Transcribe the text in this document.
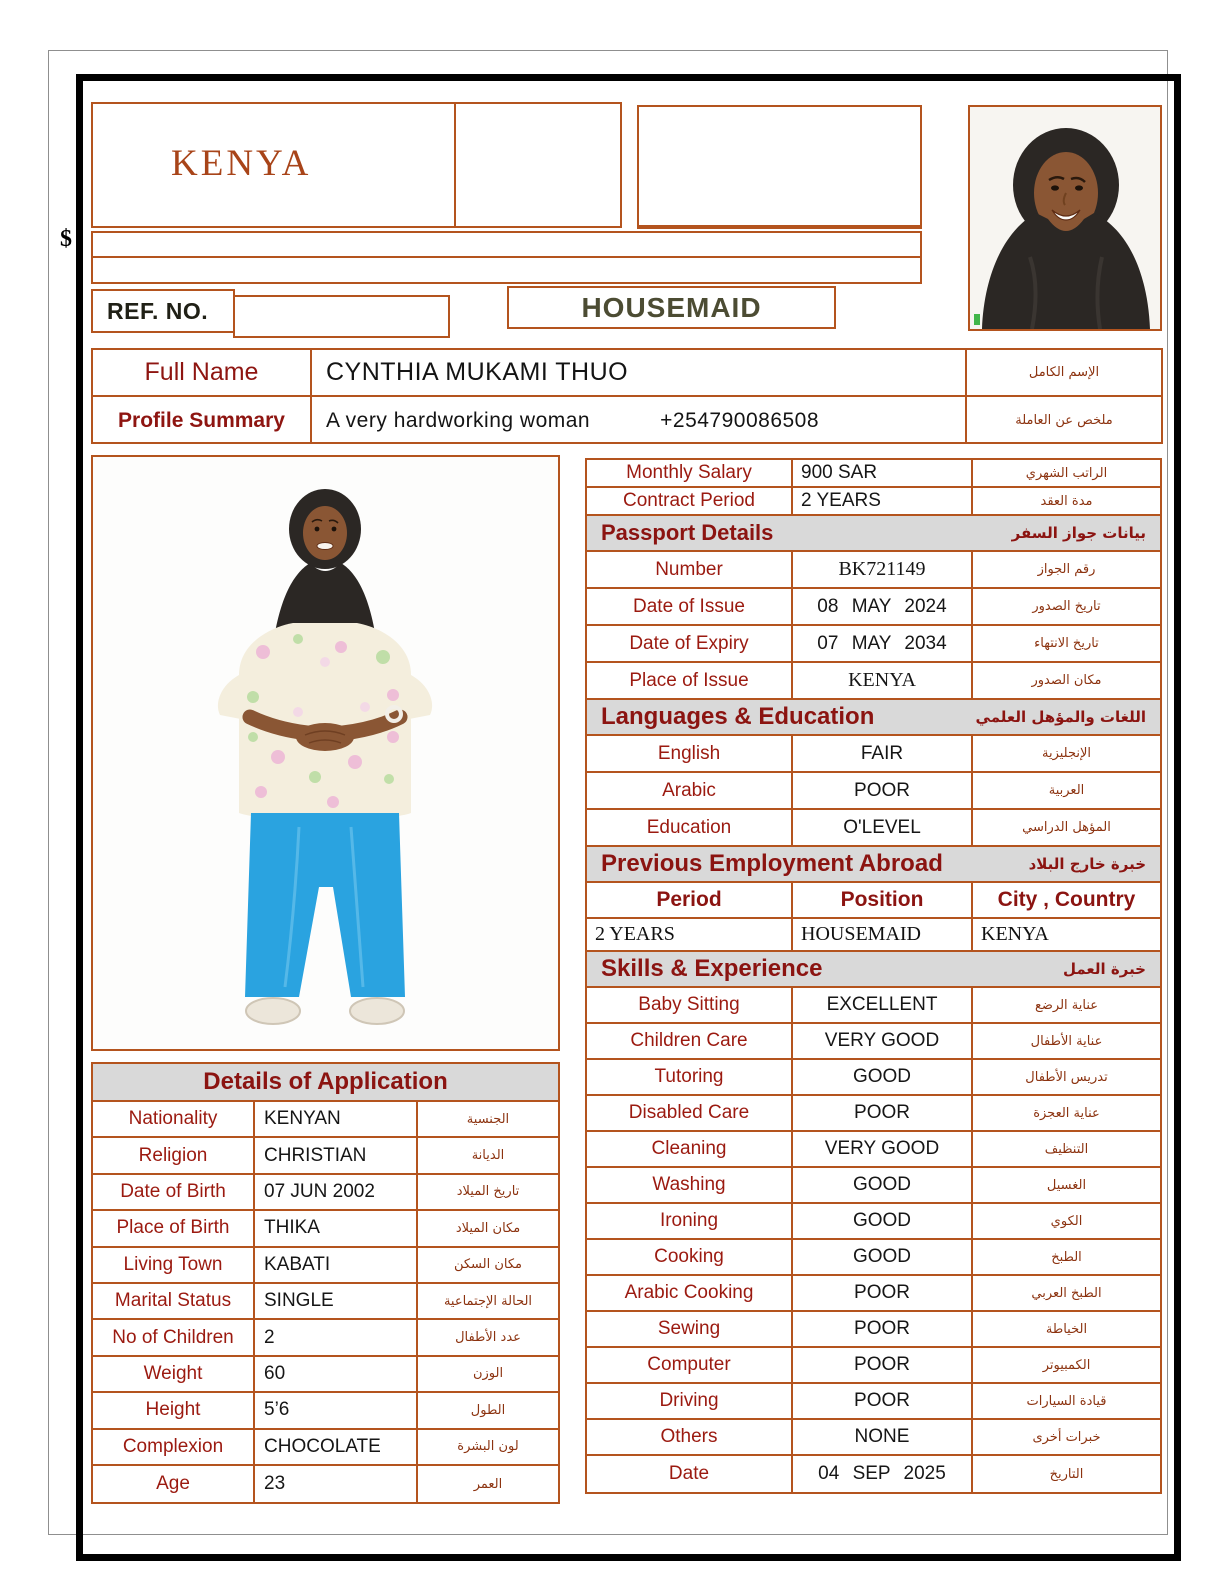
$
KENYA
REF. NO.	HOUSEMAID
Full Name	CYNTHIA MUKAMI THUO	الإسم الكامل
Profile Summary	A very hardworking woman	+254790086508	ملخص عن العاملة
Details of Application
Nationality	KENYAN	الجنسية
Religion	CHRISTIAN	الديانة
Date of Birth	07 JUN 2002	تاريخ الميلاد
Place of Birth	THIKA	مكان الميلاد
Living Town	KABATI	مكان السكن
Marital Status	SINGLE	الحالة الإجتماعية
No of Children	2	عدد الأطفال
Weight	60	الوزن
Height	5’6	الطول
Complexion	CHOCOLATE	لون البشرة
Age	23	العمر
Monthly Salary	900 SAR	الراتب الشهري
Contract Period	2 YEARS	مدة العقد
Passport Details	بيانات جواز السفر
Number	BK721149	رقم الجواز
Date of Issue	08 MAY 2024	تاريخ الصدور
Date of Expiry	07 MAY 2034	تاريخ الانتهاء
Place of Issue	KENYA	مكان الصدور
Languages & Education	اللغات والمؤهل العلمي
English	FAIR	الإنجليزية
Arabic	POOR	العربية
Education	O'LEVEL	المؤهل الدراسي
Previous Employment Abroad	خبرة خارج البلاد
Period	Position	City , Country
2 YEARS	HOUSEMAID	KENYA
Skills & Experience	خبرة العمل
Baby Sitting	EXCELLENT	عناية الرضع
Children Care	VERY GOOD	عناية الأطفال
Tutoring	GOOD	تدريس الأطفال
Disabled Care	POOR	عناية العجزة
Cleaning	VERY GOOD	التنظيف
Washing	GOOD	الغسيل
Ironing	GOOD	الكوي
Cooking	GOOD	الطبخ
Arabic Cooking	POOR	الطبخ العربي
Sewing	POOR	الخياطة
Computer	POOR	الكمبيوتر
Driving	POOR	قيادة السيارات
Others	NONE	خبرات أخرى
Date	04 SEP 2025	التاريخ
